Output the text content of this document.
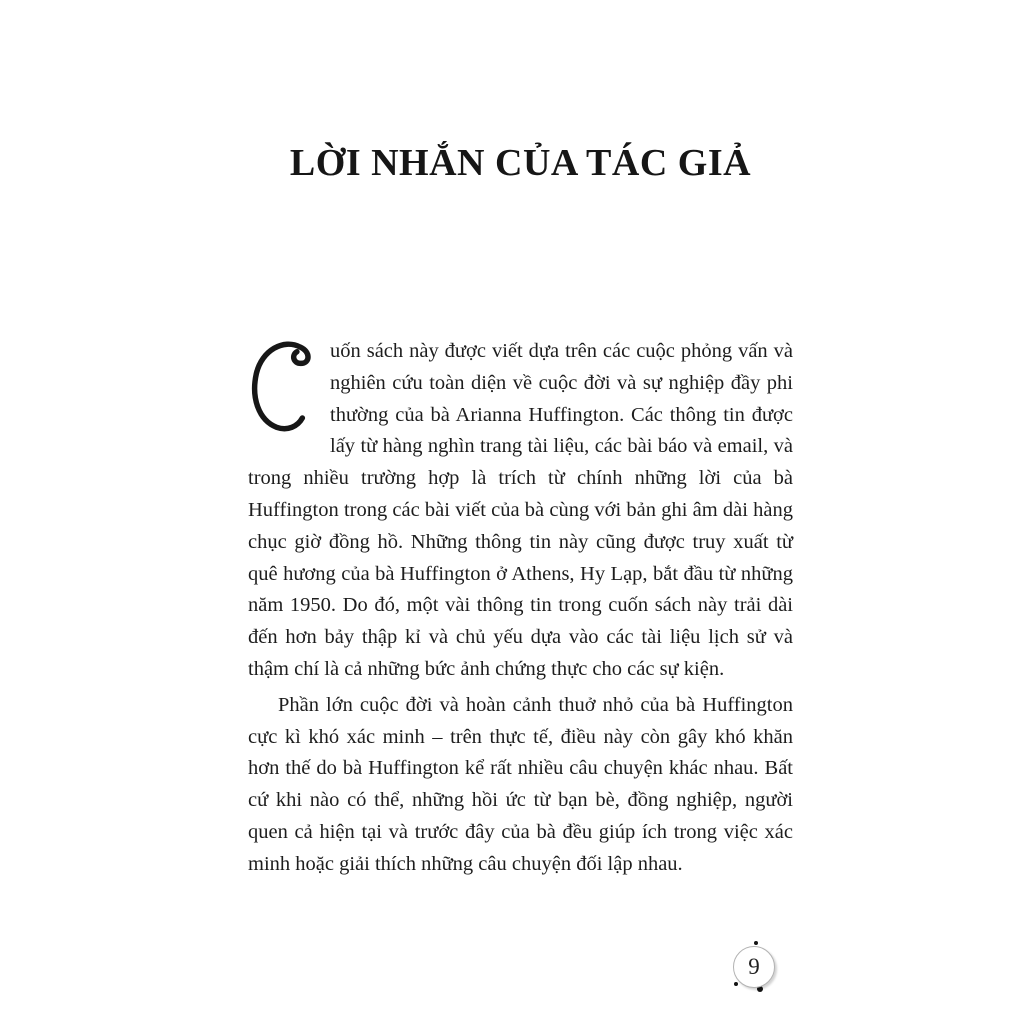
LỜI NHẮN CỦA TÁC GIẢ

uốn sách này được viết dựa trên các cuộc phỏng vấn và nghiên cứu toàn diện về cuộc đời và sự nghiệp đầy phi thường của bà Arianna Huffington. Các thông tin được lấy từ hàng nghìn trang tài liệu, các bài báo và email, và trong nhiều trường hợp là trích từ chính những lời của bà Huffington trong các bài viết của bà cùng với bản ghi âm dài hàng chục giờ đồng hồ. Những thông tin này cũng được truy xuất từ quê hương của bà Huffington ở Athens, Hy Lạp, bắt đầu từ những năm 1950. Do đó, một vài thông tin trong cuốn sách này trải dài đến hơn bảy thập kỉ và chủ yếu dựa vào các tài liệu lịch sử và thậm chí là cả những bức ảnh chứng thực cho các sự kiện.

Phần lớn cuộc đời và hoàn cảnh thuở nhỏ của bà Huffington cực kì khó xác minh – trên thực tế, điều này còn gây khó khăn hơn thế do bà Huffington kể rất nhiều câu chuyện khác nhau. Bất cứ khi nào có thể, những hồi ức từ bạn bè, đồng nghiệp, người quen cả hiện tại và trước đây của bà đều giúp ích trong việc xác minh hoặc giải thích những câu chuyện đối lập nhau.

9
